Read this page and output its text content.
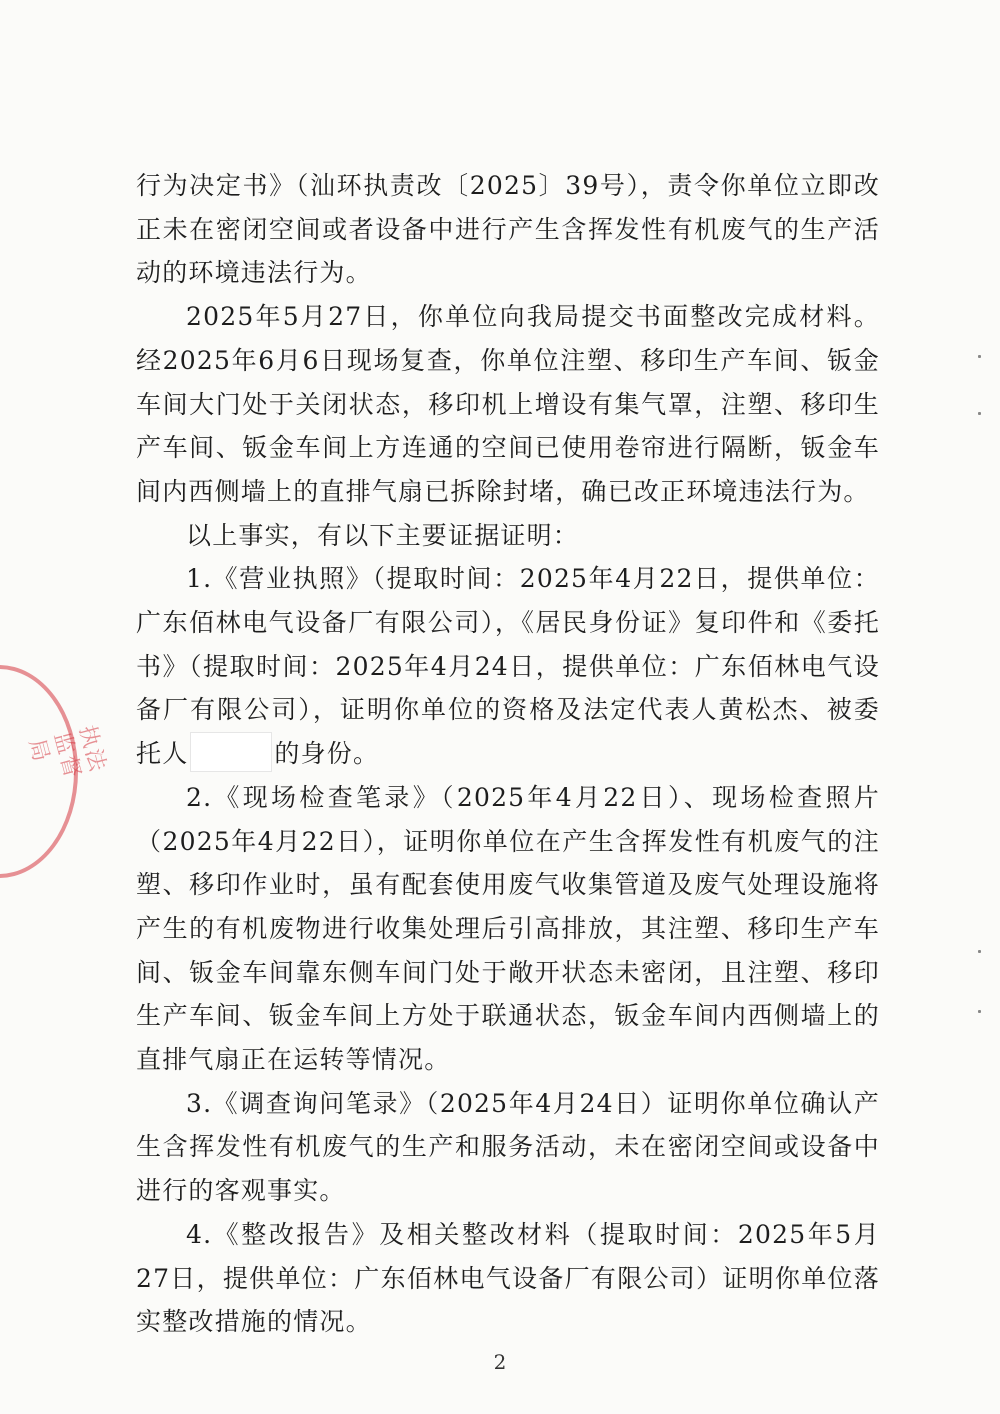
行为决定书》（汕环执责改〔2025〕39号），责令你单位立即改正未在密闭空间或者设备中进行产生含挥发性有机废气的生产活动的环境违法行为。

2025年5月27日，你单位向我局提交书面整改完成材料。经2025年6月6日现场复查，你单位注塑、移印生产车间、钣金车间大门处于关闭状态，移印机上增设有集气罩，注塑、移印生产车间、钣金车间上方连通的空间已使用卷帘进行隔断，钣金车间内西侧墙上的直排气扇已拆除封堵，确已改正环境违法行为。

以上事实，有以下主要证据证明：

1.《营业执照》（提取时间：2025年4月22日，提供单位：广东佰林电气设备厂有限公司），《居民身份证》复印件和《委托书》（提取时间：2025年4月24日，提供单位：广东佰林电气设备厂有限公司），证明你单位的资格及法定代表人黄松杰、被委托人	的身份。

2.《现场检查笔录》（2025年4月22日）、现场检查照片（2025年4月22日），证明你单位在产生含挥发性有机废气的注塑、移印作业时，虽有配套使用废气收集管道及废气处理设施将产生的有机废物进行收集处理后引高排放，其注塑、移印生产车间、钣金车间靠东侧车间门处于敞开状态未密闭，且注塑、移印生产车间、钣金车间上方处于联通状态，钣金车间内西侧墙上的直排气扇正在运转等情况。

3.《调查询问笔录》（2025年4月24日）证明你单位确认产生含挥发性有机废气的生产和服务活动，未在密闭空间或设备中进行的客观事实。

4.《整改报告》及相关整改材料（提取时间：2025年5月27日，提供单位：广东佰林电气设备厂有限公司）证明你单位落实整改措施的情况。

执法监督局
2
